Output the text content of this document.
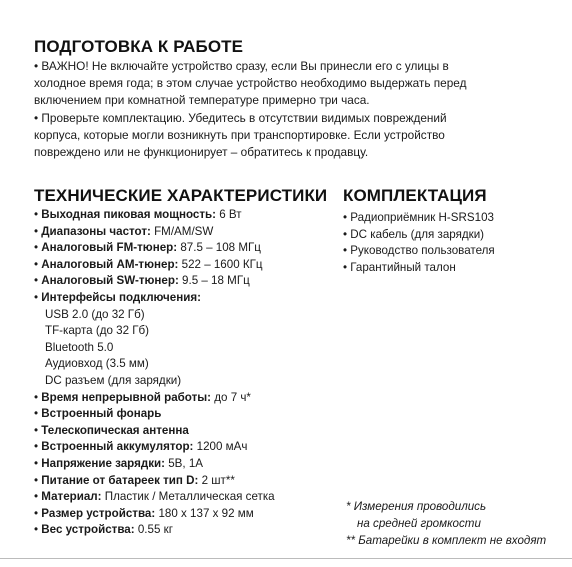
ПОДГОТОВКА К РАБОТЕ
• ВАЖНО! Не включайте устройство сразу, если Вы принесли его с улицы в
холодное время года; в этом случае устройство необходимо выдержать перед
включением при комнатной температуре примерно три часа.
• Проверьте комплектацию. Убедитесь в отсутствии видимых повреждений
корпуса, которые могли возникнуть при транспортировке. Если устройство
повреждено или не функционирует – обратитесь к продавцу.
ТЕХНИЧЕСКИЕ ХАРАКТЕРИСТИКИ
• Выходная пиковая мощность: 6 Вт
• Диапазоны частот: FM/AM/SW
• Аналоговый FM-тюнер: 87.5 – 108 МГц
• Аналоговый AM-тюнер: 522 – 1600 КГц
• Аналоговый SW-тюнер: 9.5 – 18 МГц
• Интерфейсы подключения:
USB 2.0 (до 32 Гб)
TF-карта (до 32 Гб)
Bluetooth 5.0
Аудиовход (3.5 мм)
DC разъем (для зарядки)
• Время непрерывной работы: до 7 ч*
• Встроенный фонарь
• Телескопическая антенна
• Встроенный аккумулятор: 1200 мАч
• Напряжение зарядки: 5В, 1А
• Питание от батареек тип D: 2 шт**
• Материал: Пластик / Металлическая сетка
• Размер устройства: 180 x 137 x 92 мм
• Вес устройства: 0.55 кг
КОМПЛЕКТАЦИЯ
• Радиоприёмник H-SRS103
• DC кабель (для зарядки)
• Руководство пользователя
• Гарантийный талон
* Измерения проводились
на средней громкости
** Батарейки в комплект не входят
